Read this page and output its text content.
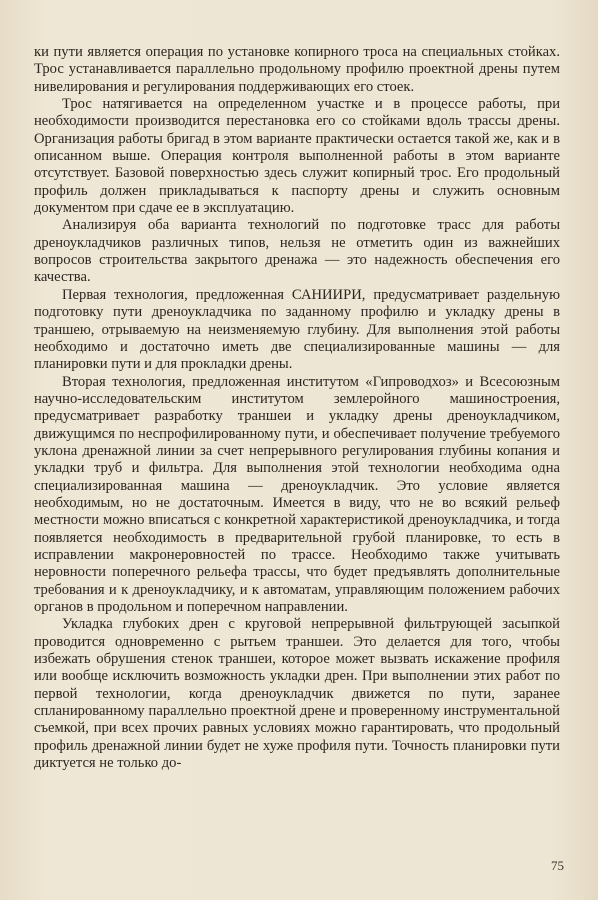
ки пути является операция по установке копирного троса на специальных стойках. Трос устанавливается параллельно продольному профилю проектной дрены путем нивелирования и регулирования поддерживающих его стоек.

Трос натягивается на определенном участке и в процессе работы, при необходимости производится перестановка его со стойками вдоль трассы дрены. Организация работы бригад в этом варианте практически остается такой же, как и в описанном выше. Операция контроля выполненной работы в этом варианте отсутствует. Базовой поверхностью здесь служит копирный трос. Его продольный профиль должен прикладываться к паспорту дрены и служить основным документом при сдаче ее в эксплуатацию.

Анализируя оба варианта технологий по подготовке трасс для работы дреноукладчиков различных типов, нельзя не отметить один из важнейших вопросов строительства закрытого дренажа — это надежность обеспечения его качества.

Первая технология, предложенная САНИИРИ, предусматривает раздельную подготовку пути дреноукладчика по заданному профилю и укладку дрены в траншею, отрываемую на неизменяемую глубину. Для выполнения этой работы необходимо и достаточно иметь две специализированные машины — для планировки пути и для прокладки дрены.

Вторая технология, предложенная институтом «Гипроводхоз» и Всесоюзным научно-исследовательским институтом землеройного машиностроения, предусматривает разработку траншеи и укладку дрены дреноукладчиком, движущимся по неспрофилированному пути, и обеспечивает получение требуемого уклона дренажной линии за счет непрерывного регулирования глубины копания и укладки труб и фильтра. Для выполнения этой технологии необходима одна специализированная машина — дреноукладчик. Это условие является необходимым, но не достаточным. Имеется в виду, что не во всякий рельеф местности можно вписаться с конкретной характеристикой дреноукладчика, и тогда появляется необходимость в предварительной грубой планировке, то есть в исправлении макронеровностей по трассе. Необходимо также учитывать неровности поперечного рельефа трассы, что будет предъявлять дополнительные требования и к дреноукладчику, и к автоматам, управляющим положением рабочих органов в продольном и поперечном направлении.

Укладка глубоких дрен с круговой непрерывной фильтрующей засыпкой проводится одновременно с рытьем траншеи. Это делается для того, чтобы избежать обрушения стенок траншеи, которое может вызвать искажение профиля или вообще исключить возможность укладки дрен. При выполнении этих работ по первой технологии, когда дреноукладчик движется по пути, заранее спланированному параллельно проектной дрене и проверенному инструментальной съемкой, при всех прочих равных условиях можно гарантировать, что продольный профиль дренажной линии будет не хуже профиля пути. Точность планировки пути диктуется не только до-

75
